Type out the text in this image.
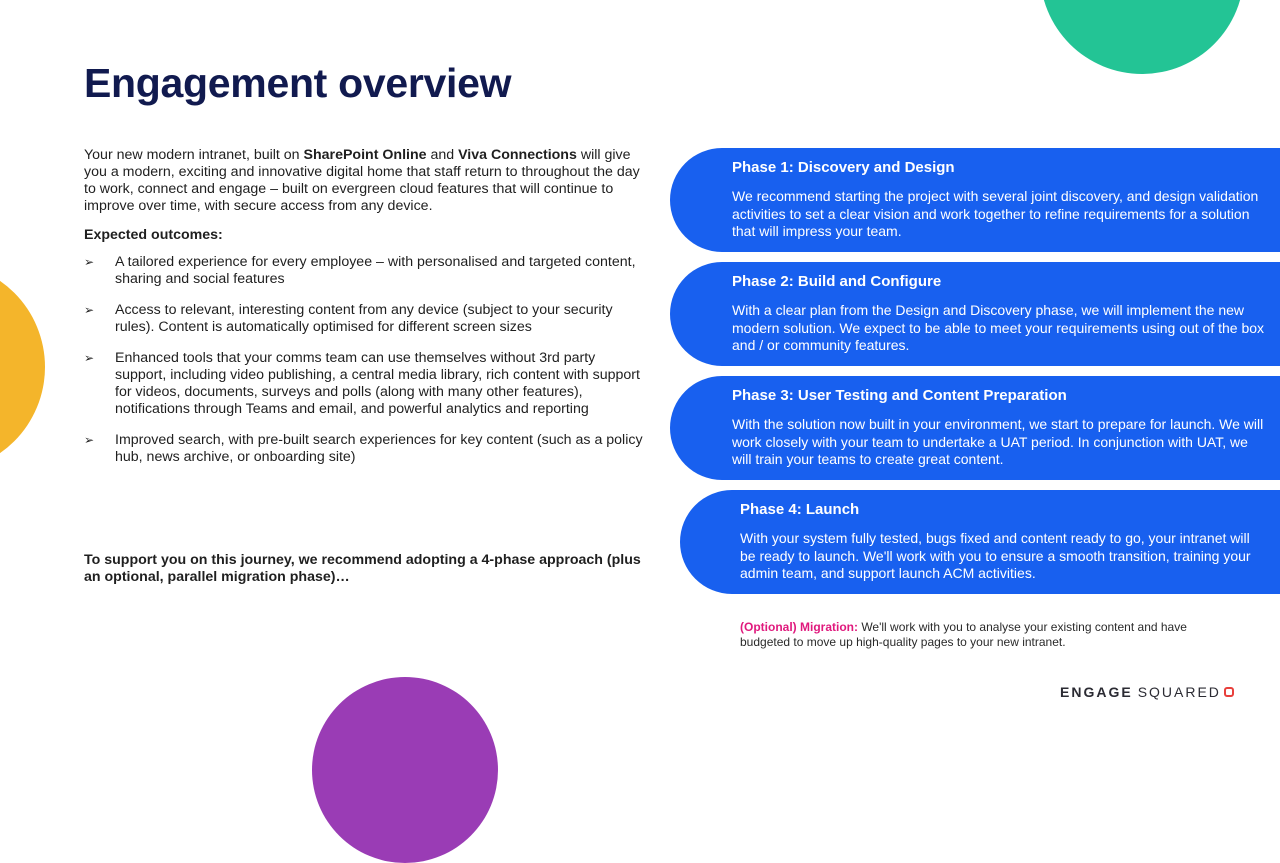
Engagement overview

Your new modern intranet, built on SharePoint Online and Viva Connections will give you a modern, exciting and innovative digital home that staff return to throughout the day to work, connect and engage – built on evergreen cloud features that will continue to improve over time, with secure access from any device.

Expected outcomes:

➢ A tailored experience for every employee – with personalised and targeted content, sharing and social features
➢ Access to relevant, interesting content from any device (subject to your security rules). Content is automatically optimised for different screen sizes
➢ Enhanced tools that your comms team can use themselves without 3rd party support, including video publishing, a central media library, rich content with support for videos, documents, surveys and polls (along with many other features), notifications through Teams and email, and powerful analytics and reporting
➢ Improved search, with pre-built search experiences for key content (such as a policy hub, news archive, or onboarding site)

To support you on this journey, we recommend adopting a 4-phase approach (plus an optional, parallel migration phase)…

Phase 1: Discovery and Design

We recommend starting the project with several joint discovery, and design validation activities to set a clear vision and work together to refine requirements for a solution that will impress your team.

Phase 2: Build and Configure

With a clear plan from the Design and Discovery phase, we will implement the new modern solution. We expect to be able to meet your requirements using out of the box and / or community features.

Phase 3: User Testing and Content Preparation

With the solution now built in your environment, we start to prepare for launch. We will work closely with your team to undertake a UAT period. In conjunction with UAT, we will train your teams to create great content.

Phase 4: Launch

With your system fully tested, bugs fixed and content ready to go, your intranet will be ready to launch. We'll work with you to ensure a smooth transition, training your admin team, and support launch ACM activities.

(Optional) Migration: We'll work with you to analyse your existing content and have budgeted to move up high-quality pages to your new intranet.

ENGAGE SQUARED
